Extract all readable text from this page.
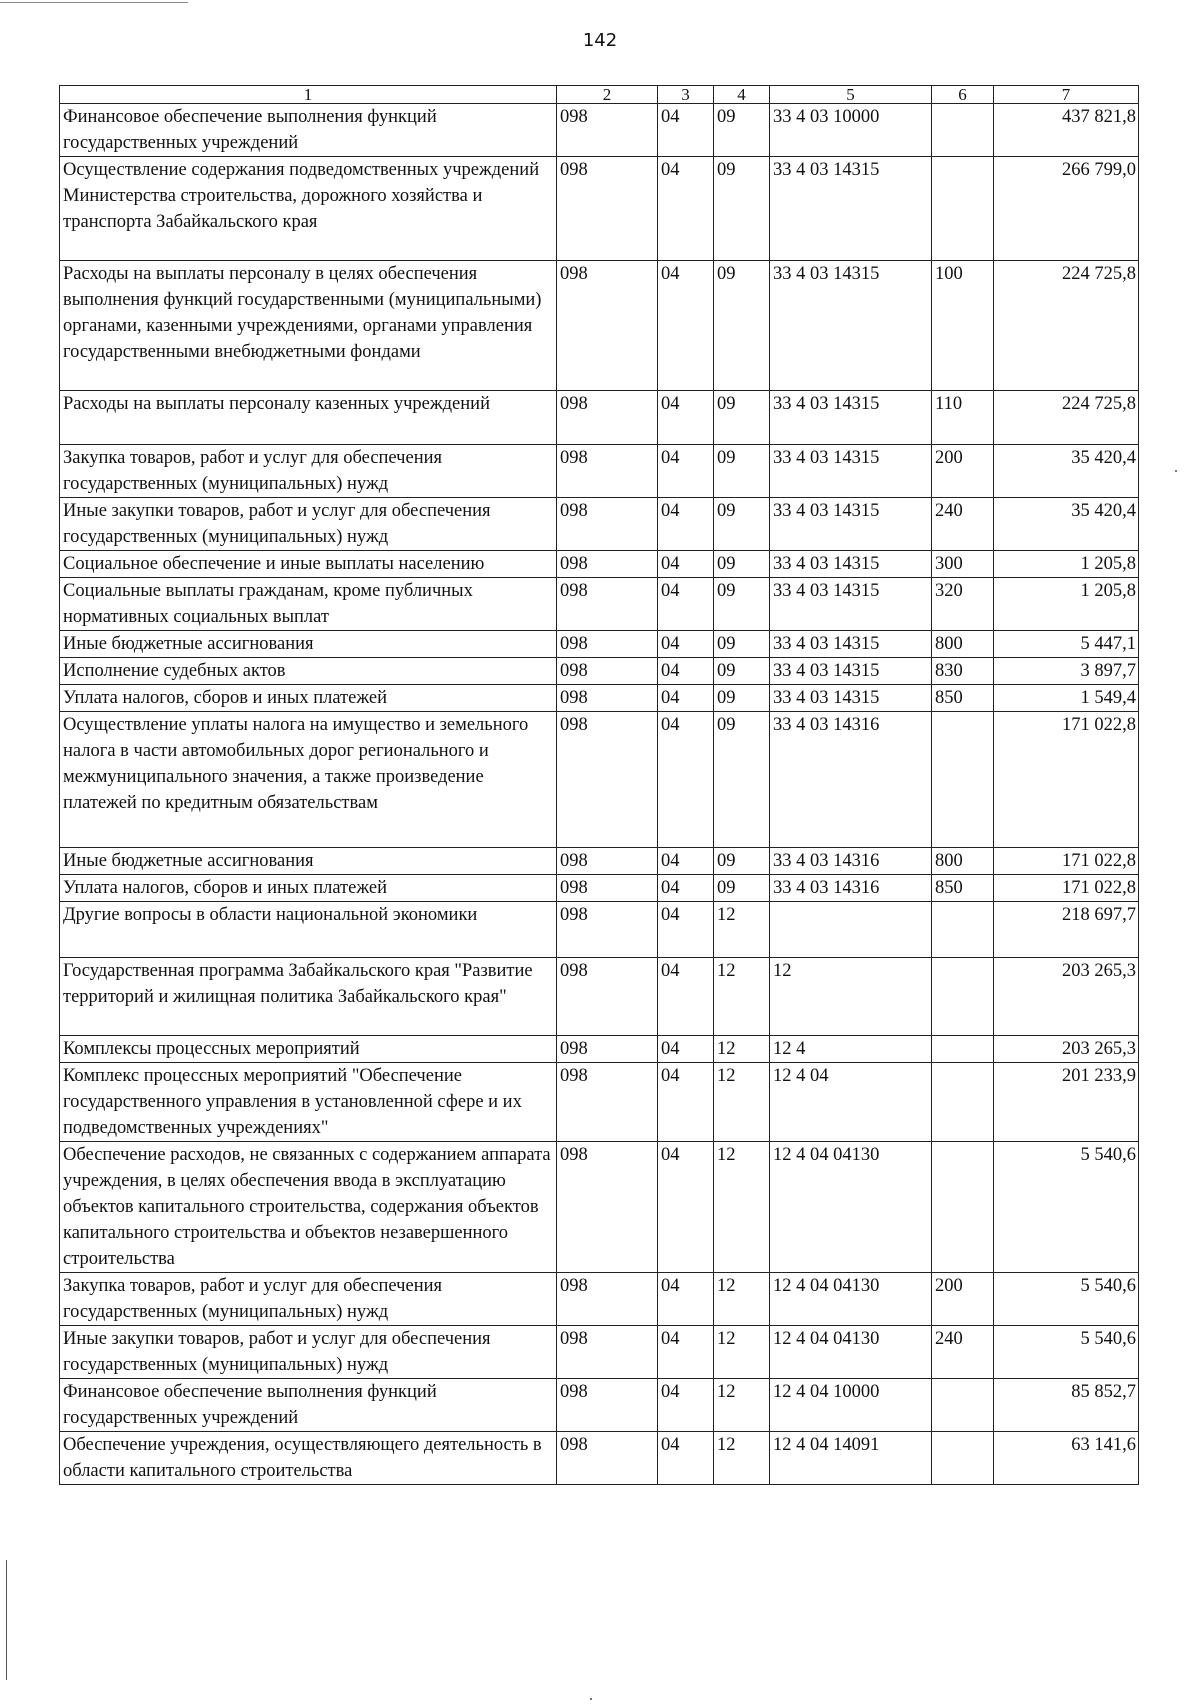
142
1	2	3	4	5	6	7
Финансовое обеспечение выполнения функций государственных учреждений	098	04	09	33 4 03 10000		437 821,8
Осуществление содержания подведомственных учреждений Министерства строительства, дорожного хозяйства и транспорта Забайкальского края	098	04	09	33 4 03 14315		266 799,0
Расходы на выплаты персоналу в целях обеспечения выполнения функций государственными (муниципальными) органами, казенными учреждениями, органами управления государственными внебюджетными фондами	098	04	09	33 4 03 14315	100	224 725,8
Расходы на выплаты персоналу казенных учреждений	098	04	09	33 4 03 14315	110	224 725,8
Закупка товаров, работ и услуг для обеспечения государственных (муниципальных) нужд	098	04	09	33 4 03 14315	200	35 420,4
Иные закупки товаров, работ и услуг для обеспечения государственных (муниципальных) нужд	098	04	09	33 4 03 14315	240	35 420,4
Социальное обеспечение и иные выплаты населению	098	04	09	33 4 03 14315	300	1 205,8
Социальные выплаты гражданам, кроме публичных нормативных социальных выплат	098	04	09	33 4 03 14315	320	1 205,8
Иные бюджетные ассигнования	098	04	09	33 4 03 14315	800	5 447,1
Исполнение судебных актов	098	04	09	33 4 03 14315	830	3 897,7
Уплата налогов, сборов и иных платежей	098	04	09	33 4 03 14315	850	1 549,4
Осуществление уплаты налога на имущество и земельного налога в части автомобильных дорог регионального и межмуниципального значения, а также произведение платежей по кредитным обязательствам	098	04	09	33 4 03 14316		171 022,8
Иные бюджетные ассигнования	098	04	09	33 4 03 14316	800	171 022,8
Уплата налогов, сборов и иных платежей	098	04	09	33 4 03 14316	850	171 022,8
Другие вопросы в области национальной экономики	098	04	12			218 697,7
Государственная программа Забайкальского края "Развитие территорий и жилищная политика Забайкальского края"	098	04	12	12		203 265,3
Комплексы процессных мероприятий	098	04	12	12 4		203 265,3
Комплекс процессных мероприятий "Обеспечение государственного управления в установленной сфере и их подведомственных учреждениях"	098	04	12	12 4 04		201 233,9
Обеспечение расходов, не связанных с содержанием аппарата учреждения, в целях обеспечения ввода в эксплуатацию объектов капитального строительства, содержания объектов капитального строительства и объектов незавершенного строительства	098	04	12	12 4 04 04130		5 540,6
Закупка товаров, работ и услуг для обеспечения государственных (муниципальных) нужд	098	04	12	12 4 04 04130	200	5 540,6
Иные закупки товаров, работ и услуг для обеспечения государственных (муниципальных) нужд	098	04	12	12 4 04 04130	240	5 540,6
Финансовое обеспечение выполнения функций государственных учреждений	098	04	12	12 4 04 10000		85 852,7
Обеспечение учреждения, осуществляющего деятельность в области капитального строительства	098	04	12	12 4 04 14091		63 141,6
